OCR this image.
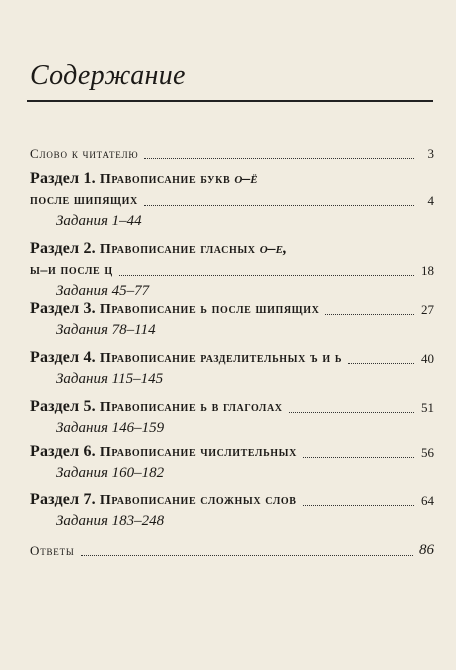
Содержание
Слово к читателю	3
Раздел 1. Правописание букв о–ё
после шипящих	4
Задания 1–44
Раздел 2. Правописание гласных о–е,
ы–и после ц	18
Задания 45–77
Раздел 3. Правописание ь после шипящих	27
Задания 78–114
Раздел 4. Правописание разделительных ъ и ь	40
Задания 115–145
Раздел 5. Правописание ь в глаголах	51
Задания 146–159
Раздел 6. Правописание числительных	56
Задания 160–182
Раздел 7. Правописание сложных слов	64
Задания 183–248
Ответы	86
